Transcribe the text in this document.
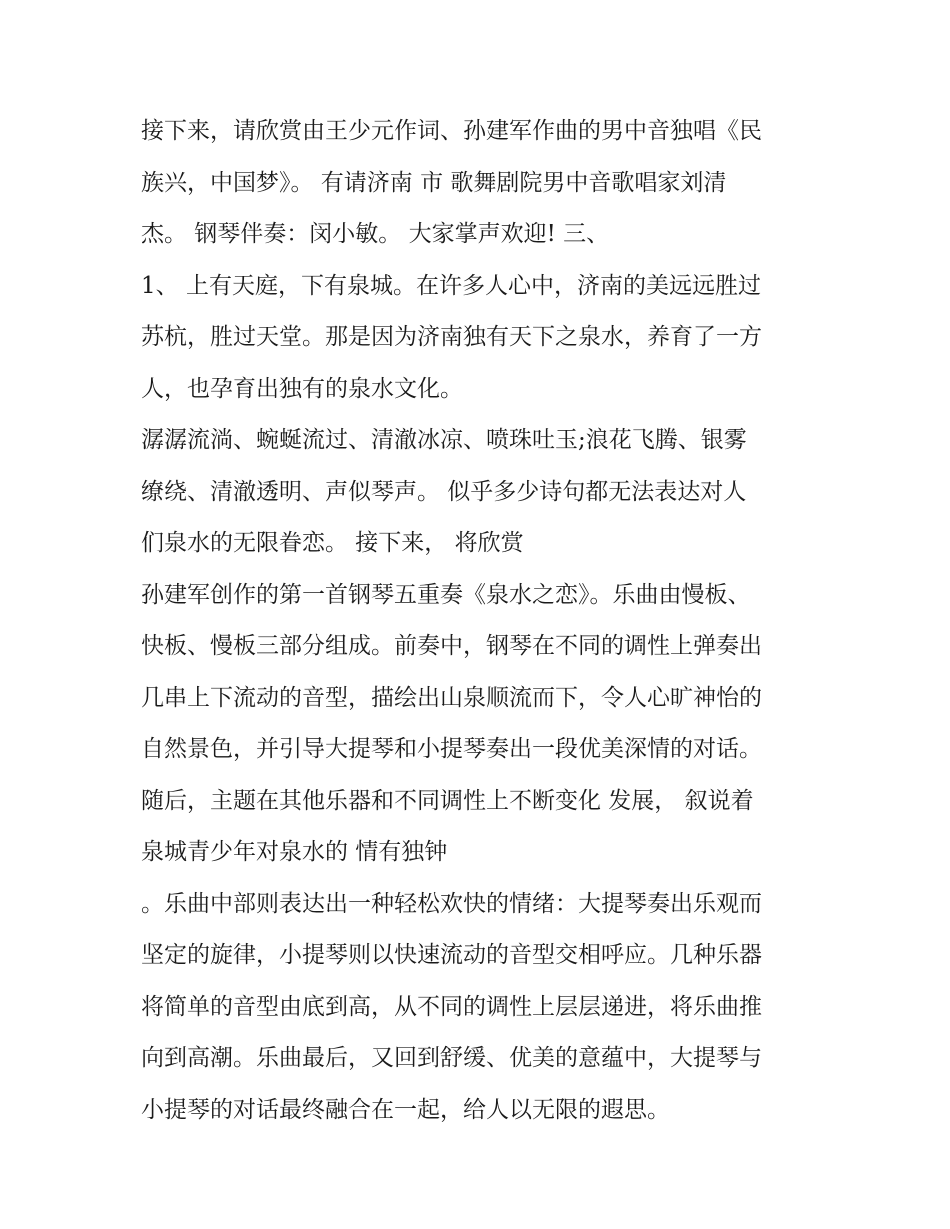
接下来，请欣赏由王少元作词、孙建军作曲的男中音独唱《民
族兴，中国梦》。 有请济南 市 歌舞剧院男中音歌唱家刘清
杰。 钢琴伴奏：闵小敏。 大家掌声欢迎! 三、
1、 上有天庭，下有泉城。在许多人心中，济南的美远远胜过
苏杭，胜过天堂。那是因为济南独有天下之泉水，养育了一方
人，也孕育出独有的泉水文化。
潺潺流淌、蜿蜒流过、清澈冰凉、喷珠吐玉;浪花飞腾、银雾
缭绕、清澈透明、声似琴声。 似乎多少诗句都无法表达对人
们泉水的无限眷恋。 接下来， 将欣赏
孙建军创作的第一首钢琴五重奏《泉水之恋》。乐曲由慢板、
快板、慢板三部分组成。前奏中，钢琴在不同的调性上弹奏出
几串上下流动的音型，描绘出山泉顺流而下，令人心旷神怡的
自然景色，并引导大提琴和小提琴奏出一段优美深情的对话。
随后，主题在其他乐器和不同调性上不断变化 发展， 叙说着
泉城青少年对泉水的 情有独钟
。乐曲中部则表达出一种轻松欢快的情绪：大提琴奏出乐观而
坚定的旋律，小提琴则以快速流动的音型交相呼应。几种乐器
将简单的音型由底到高，从不同的调性上层层递进，将乐曲推
向到高潮。乐曲最后，又回到舒缓、优美的意蕴中，大提琴与
小提琴的对话最终融合在一起，给人以无限的遐思。
